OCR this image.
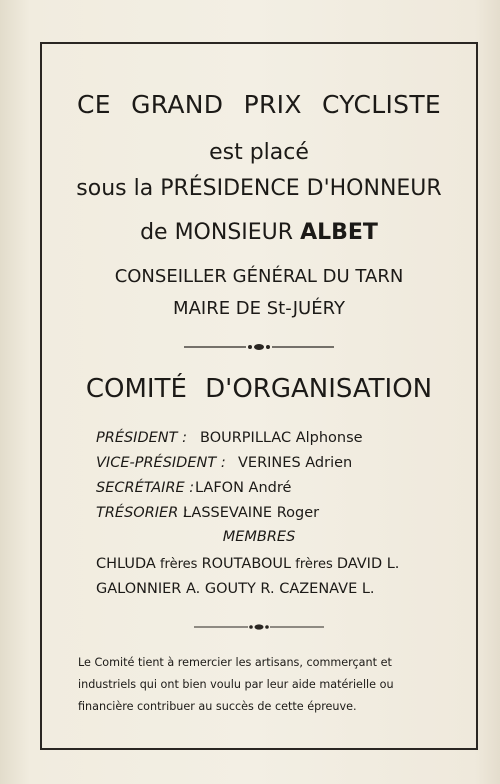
CE GRAND PRIX CYCLISTE
est placé
sous la PRÉSIDENCE D'HONNEUR
de MONSIEUR ALBET
CONSEILLER GÉNÉRAL DU TARN
MAIRE DE St-JUÉRY
COMITÉ D'ORGANISATION
PRÉSIDENT : BOURPILLAC Alphonse
VICE-PRÉSIDENT : VERINES Adrien
SECRÉTAIRE :LAFON André
TRÉSORIER :LASSEVAINE Roger
MEMBRES
CHLUDA frères ROUTABOUL frères DAVID L.
GALONNIER A. GOUTY R. CAZENAVE L.
Le Comité tient à remercier les artisans, commerçant et industriels qui ont bien voulu par leur aide matérielle ou financière contribuer au succès de cette épreuve.
